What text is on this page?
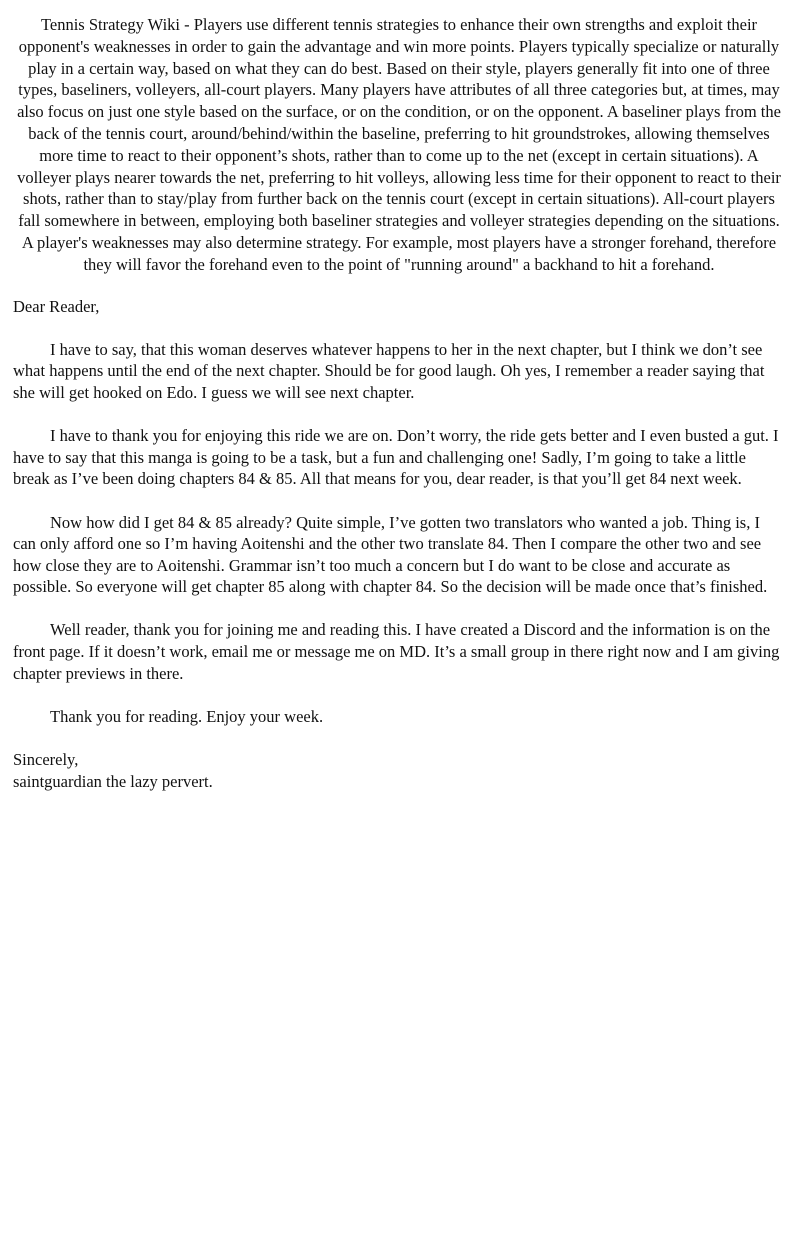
Tennis Strategy Wiki - Players use different tennis strategies to enhance their own strengths and exploit their opponent's weaknesses in order to gain the advantage and win more points. Players typically specialize or naturally play in a certain way, based on what they can do best. Based on their style, players generally fit into one of three types, baseliners, volleyers, all-court players. Many players have attributes of all three categories but, at times, may also focus on just one style based on the surface, or on the condition, or on the opponent. A baseliner plays from the back of the tennis court, around/behind/within the baseline, preferring to hit groundstrokes, allowing themselves more time to react to their opponent’s shots, rather than to come up to the net (except in certain situations). A volleyer plays nearer towards the net, preferring to hit volleys, allowing less time for their opponent to react to their shots, rather than to stay/play from further back on the tennis court (except in certain situations). All-court players fall somewhere in between, employing both baseliner strategies and volleyer strategies depending on the situations. A player's weaknesses may also determine strategy. For example, most players have a stronger forehand, therefore they will favor the forehand even to the point of "running around" a backhand to hit a forehand.

Dear Reader,

I have to say, that this woman deserves whatever happens to her in the next chapter, but I think we don’t see what happens until the end of the next chapter. Should be for good laugh. Oh yes, I remember a reader saying that she will get hooked on Edo. I guess we will see next chapter.

I have to thank you for enjoying this ride we are on. Don’t worry, the ride gets better and I even busted a gut. I have to say that this manga is going to be a task, but a fun and challenging one! Sadly, I’m going to take a little break as I’ve been doing chapters 84 & 85. All that means for you, dear reader, is that you’ll get 84 next week.

Now how did I get 84 & 85 already? Quite simple, I’ve gotten two translators who wanted a job. Thing is, I can only afford one so I’m having Aoitenshi and the other two translate 84. Then I compare the other two and see how close they are to Aoitenshi. Grammar isn’t too much a concern but I do want to be close and accurate as possible. So everyone will get chapter 85 along with chapter 84. So the decision will be made once that’s finished.

Well reader, thank you for joining me and reading this. I have created a Discord and the information is on the front page. If it doesn’t work, email me or message me on MD. It’s a small group in there right now and I am giving chapter previews in there.

Thank you for reading. Enjoy your week.

Sincerely,

saintguardian the lazy pervert.
